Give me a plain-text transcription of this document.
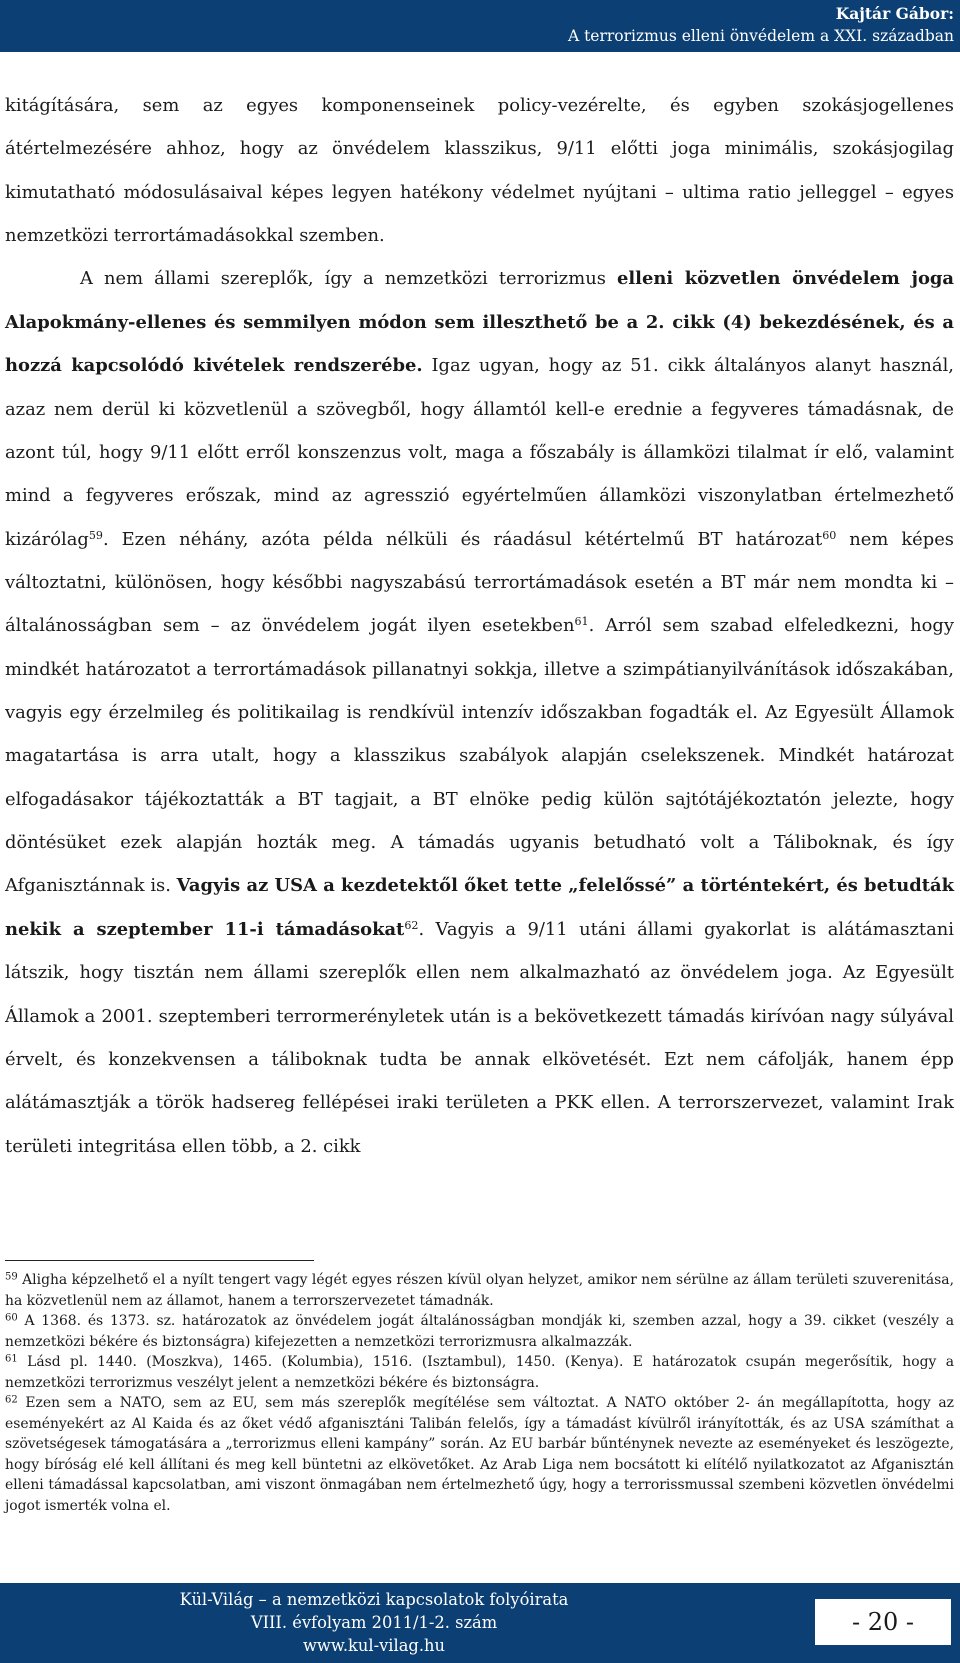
Kajtár Gábor:
A terrorizmus elleni önvédelem a XXI. században

kitágítására, sem az egyes komponenseinek policy-vezérelte, és egyben szokásjogellenes átértelmezésére ahhoz, hogy az önvédelem klasszikus, 9/11 előtti joga minimális, szokásjogilag kimutatható módosulásaival képes legyen hatékony védelmet nyújtani – ultima ratio jelleggel – egyes nemzetközi terrortámadásokkal szemben.

A nem állami szereplők, így a nemzetközi terrorizmus elleni közvetlen önvédelem joga Alapokmány-ellenes és semmilyen módon sem illeszthető be a 2. cikk (4) bekezdésének, és a hozzá kapcsolódó kivételek rendszerébe. Igaz ugyan, hogy az 51. cikk általányos alanyt használ, azaz nem derül ki közvetlenül a szövegből, hogy államtól kell-e erednie a fegyveres támadásnak, de azont túl, hogy 9/11 előtt erről konszenzus volt, maga a főszabály is államközi tilalmat ír elő, valamint mind a fegyveres erőszak, mind az agresszió egyértelműen államközi viszonylatban értelmezhető kizárólag$^{59}$. Ezen néhány, azóta példa nélküli és ráadásul kétértelmű BT határozat$^{60}$ nem képes változtatni, különösen, hogy későbbi nagyszabású terrortámadások esetén a BT már nem mondta ki – általánosságban sem – az önvédelem jogát ilyen esetekben$^{61}$. Arról sem szabad elfeledkezni, hogy mindkét határozatot a terrortámadások pillanatnyi sokkja, illetve a szimpátianyilvánítások időszakában, vagyis egy érzelmileg és politikailag is rendkívül intenzív időszakban fogadták el. Az Egyesült Államok magatartása is arra utalt, hogy a klasszikus szabályok alapján cselekszenek. Mindkét határozat elfogadásakor tájékoztatták a BT tagjait, a BT elnöke pedig külön sajtótájékoztatón jelezte, hogy döntésüket ezek alapján hozták meg. A támadás ugyanis betudható volt a Táliboknak, és így Afganisztánnak is. Vagyis az USA a kezdetektől őket tette „felelőssé” a történtekért, és betudták nekik a szeptember 11-i támadásokat$^{62}$. Vagyis a 9/11 utáni állami gyakorlat is alátámasztani látszik, hogy tisztán nem állami szereplők ellen nem alkalmazható az önvédelem joga. Az Egyesült Államok a 2001. szeptemberi terrormerényletek után is a bekövetkezett támadás kirívóan nagy súlyával érvelt, és konzekvensen a táliboknak tudta be annak elkövetését. Ezt nem cáfolják, hanem épp alátámasztják a török hadsereg fellépései iraki területen a PKK ellen. A terrorszervezet, valamint Irak területi integritása ellen több, a 2. cikk

$^{59}$ Aligha képzelhető el a nyílt tengert vagy légét egyes részen kívül olyan helyzet, amikor nem sérülne az állam területi szuverenitása, ha közvetlenül nem az államot, hanem a terrorszervezetet támadnák.

$^{60}$ A 1368. és 1373. sz. határozatok az önvédelem jogát általánosságban mondják ki, szemben azzal, hogy a 39. cikket (veszély a nemzetközi békére és biztonságra) kifejezetten a nemzetközi terrorizmusra alkalmazzák.

$^{61}$ Lásd pl. 1440. (Moszkva), 1465. (Kolumbia), 1516. (Isztambul), 1450. (Kenya). E határozatok csupán megerősítik, hogy a nemzetközi terrorizmus veszélyt jelent a nemzetközi békére és biztonságra.

$^{62}$ Ezen sem a NATO, sem az EU, sem más szereplők megítélése sem változtat. A NATO október 2- án megállapította, hogy az eseményekért az Al Kaida és az őket védő afganisztáni Talibán felelős, így a támadást kívülről irányították, és az USA számíthat a szövetségesek támogatására a „terrorizmus elleni kampány” során. Az EU barbár bűnténynek nevezte az eseményeket és leszögezte, hogy bíróság elé kell állítani és meg kell büntetni az elkövetőket. Az Arab Liga nem bocsátott ki elítélő nyilatkozatot az Afganisztán elleni támadással kapcsolatban, ami viszont önmagában nem értelmezhető úgy, hogy a terrorissmussal szembeni közvetlen önvédelmi jogot ismerték volna el.

Kül-Világ – a nemzetközi kapcsolatok folyóirata
VIII. évfolyam 2011/1-2. szám
www.kul-vilag.hu
- 20 -
